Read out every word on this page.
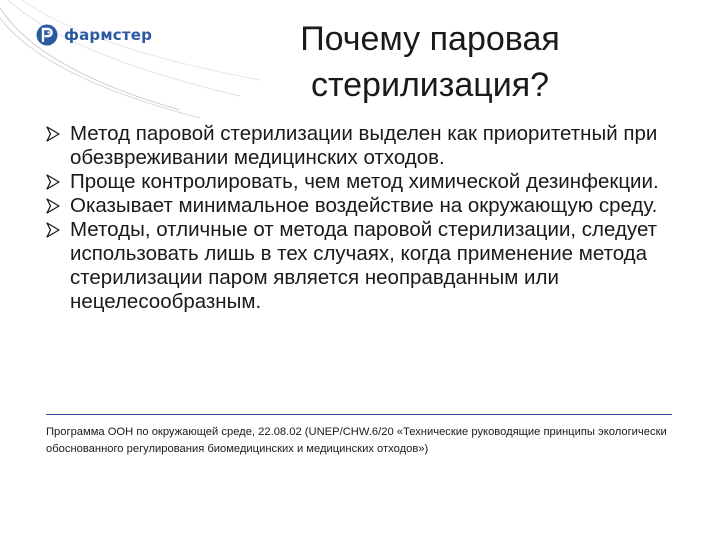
фармстер	Почему паровая
стерилизация?
Метод паровой стерилизации выделен как приоритетный при обезвреживании медицинских отходов.
Проще контролировать, чем метод химической дезинфекции.
Оказывает минимальное воздействие на окружающую среду.
Методы, отличные от метода паровой стерилизации, следует использовать лишь в тех случаях, когда применение метода стерилизации паром является неоправданным или нецелесообразным.
Программа ООН по окружающей среде, 22.08.02 (UNEP/CHW.6/20 «Технические руководящие принципы экологически обоснованного регулирования биомедицинских и медицинских отходов»)
